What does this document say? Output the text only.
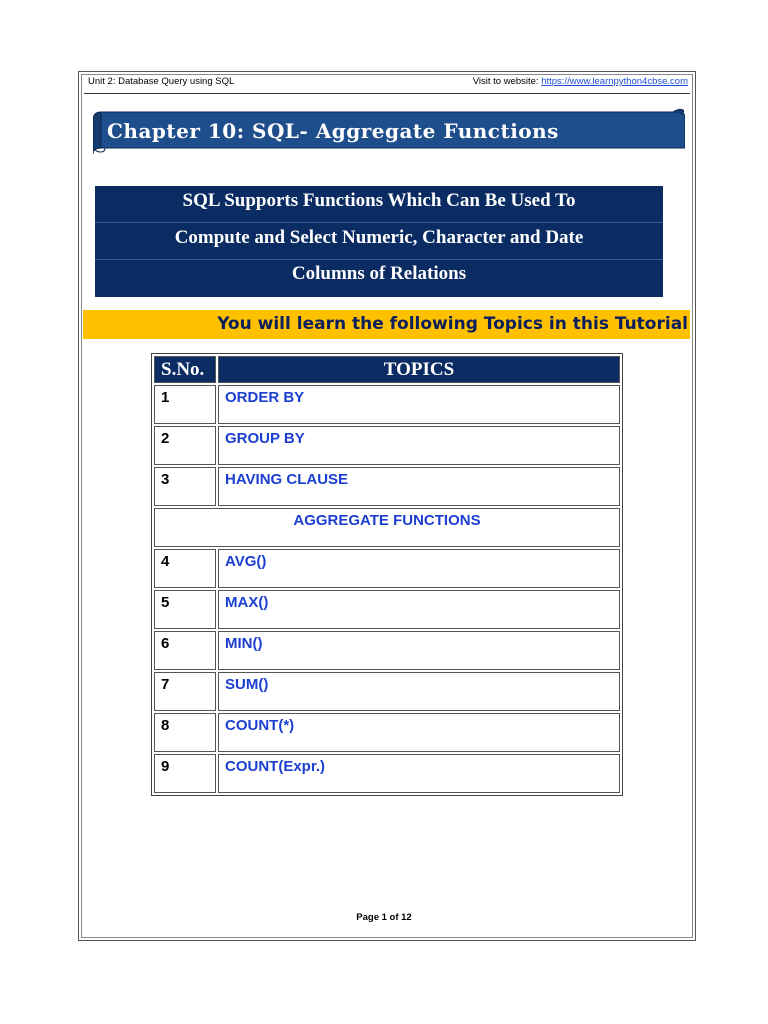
Unit 2: Database Query using SQL	Visit to website: https://www.learnpython4cbse.com
Chapter 10: SQL- Aggregate Functions
SQL Supports Functions Which Can Be Used To
Compute and Select Numeric, Character and Date
Columns of Relations
You will learn the following Topics in this Tutorial
S.No.	TOPICS
1	ORDER BY
2	GROUP BY
3	HAVING CLAUSE
AGGREGATE FUNCTIONS	
4	AVG()
5	MAX()
6	MIN()
7	SUM()
8	COUNT(*)
9	COUNT(Expr.)
Page 1 of 12
